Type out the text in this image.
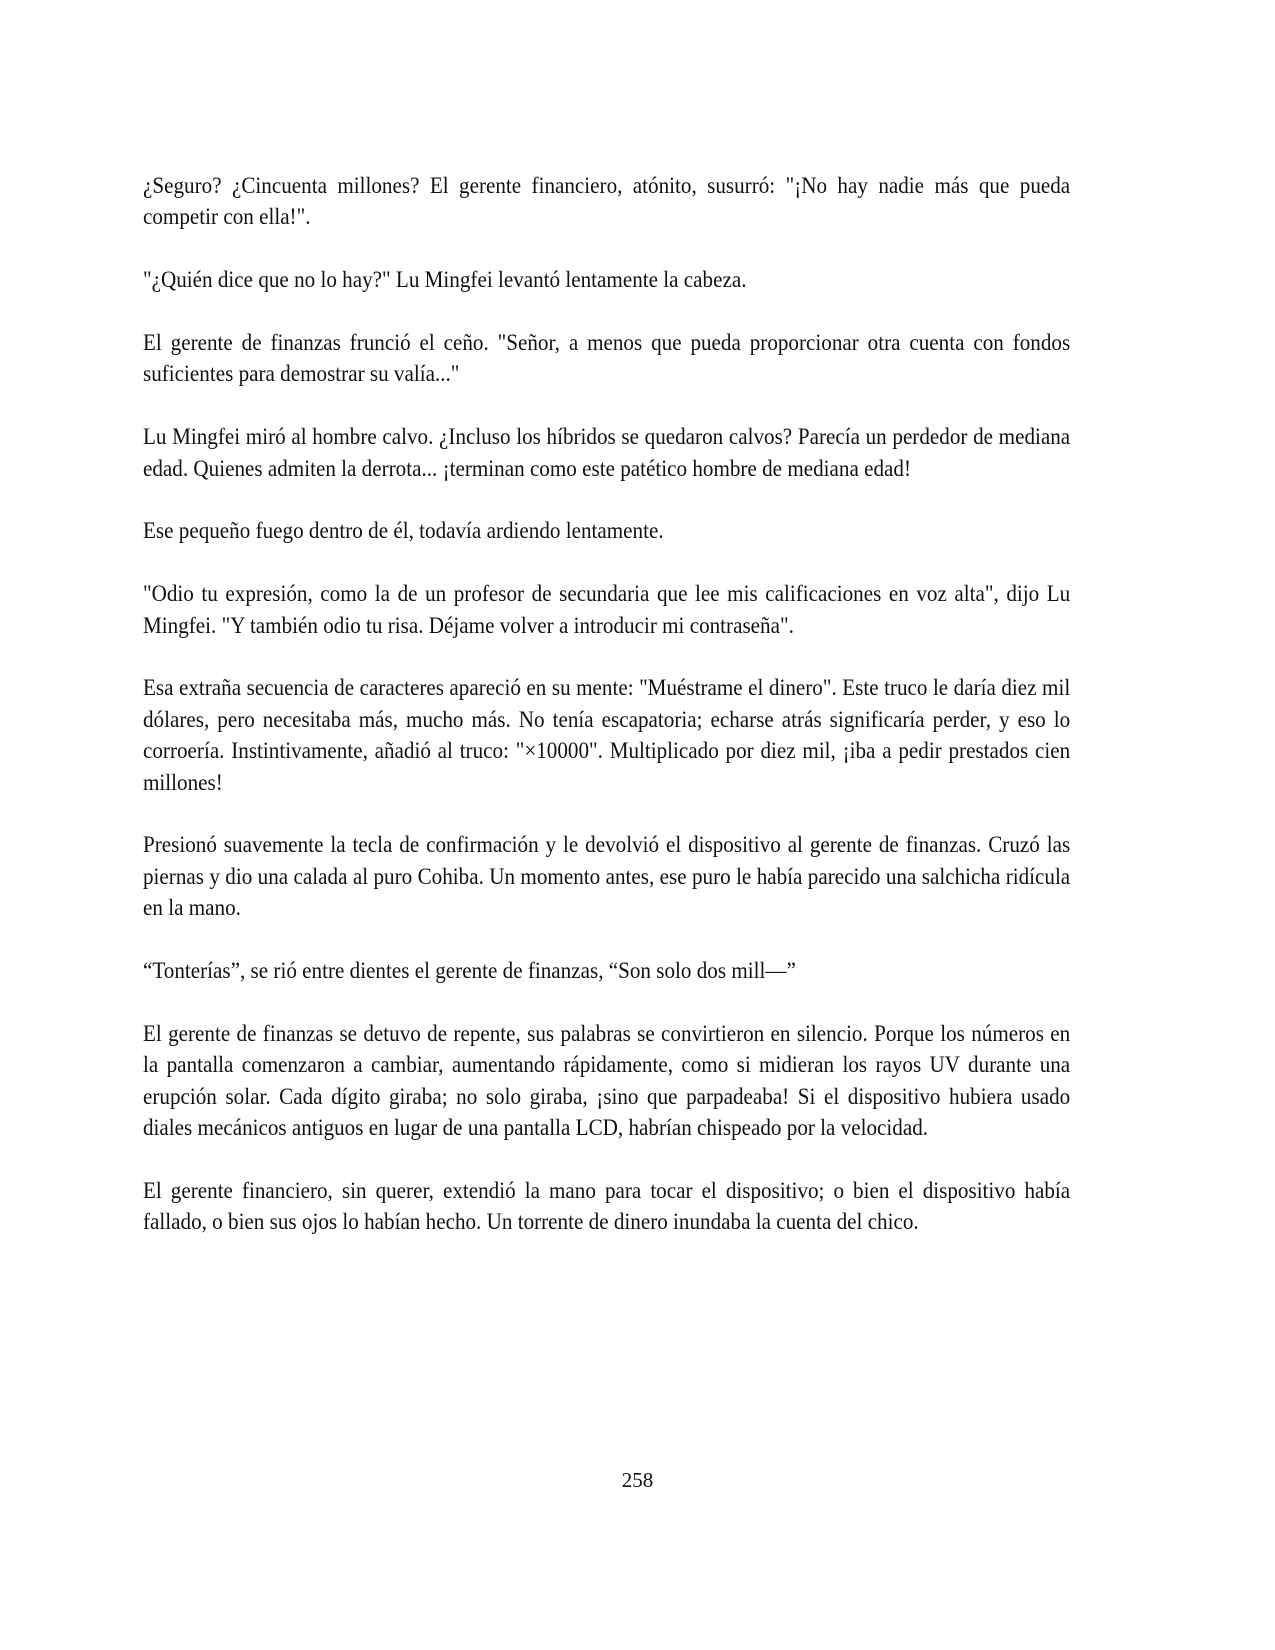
¿Seguro? ¿Cincuenta millones? El gerente financiero, atónito, susurró: "¡No hay nadie más que pueda competir con ella!".

"¿Quién dice que no lo hay?" Lu Mingfei levantó lentamente la cabeza.

El gerente de finanzas frunció el ceño. "Señor, a menos que pueda proporcionar otra cuenta con fondos suficientes para demostrar su valía..."

Lu Mingfei miró al hombre calvo. ¿Incluso los híbridos se quedaron calvos? Parecía un perdedor de mediana edad. Quienes admiten la derrota... ¡terminan como este patético hombre de mediana edad!

Ese pequeño fuego dentro de él, todavía ardiendo lentamente.

"Odio tu expresión, como la de un profesor de secundaria que lee mis calificaciones en voz alta", dijo Lu Mingfei. "Y también odio tu risa. Déjame volver a introducir mi contraseña".

Esa extraña secuencia de caracteres apareció en su mente: "Muéstrame el dinero". Este truco le daría diez mil dólares, pero necesitaba más, mucho más. No tenía escapatoria; echarse atrás significaría perder, y eso lo corroería. Instintivamente, añadió al truco: "×10000". Multiplicado por diez mil, ¡iba a pedir prestados cien millones!

Presionó suavemente la tecla de confirmación y le devolvió el dispositivo al gerente de finanzas. Cruzó las piernas y dio una calada al puro Cohiba. Un momento antes, ese puro le había parecido una salchicha ridícula en la mano.

“Tonterías”, se rió entre dientes el gerente de finanzas, “Son solo dos mill—”

El gerente de finanzas se detuvo de repente, sus palabras se convirtieron en silencio. Porque los números en la pantalla comenzaron a cambiar, aumentando rápidamente, como si midieran los rayos UV durante una erupción solar. Cada dígito giraba; no solo giraba, ¡sino que parpadeaba! Si el dispositivo hubiera usado diales mecánicos antiguos en lugar de una pantalla LCD, habrían chispeado por la velocidad.

El gerente financiero, sin querer, extendió la mano para tocar el dispositivo; o bien el dispositivo había fallado, o bien sus ojos lo habían hecho. Un torrente de dinero inundaba la cuenta del chico.

258
